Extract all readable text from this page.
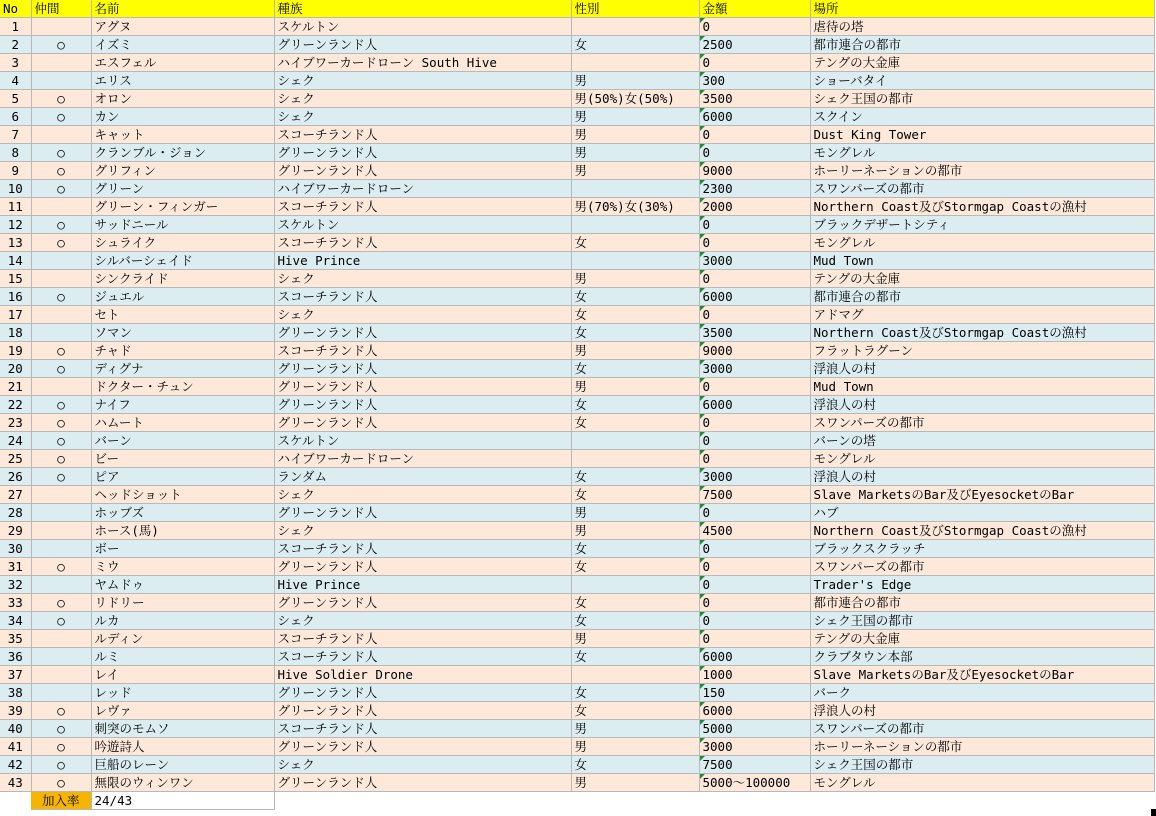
No	仲間	名前	種族	性別	金額	場所
1		アグヌ	スケルトン		0	虐待の塔
2	○	イズミ	グリーンランド人	女	2500	都市連合の都市
3		エスフェル	ハイブワーカードローン South Hive		0	テングの大金庫
4		エリス	シェク	男	300	ショーバタイ
5	○	オロン	シェク	男(50%)女(50%)	3500	シェク王国の都市
6	○	カン	シェク	男	6000	スクイン
7		キャット	スコーチランド人	男	0	Dust King Tower
8	○	クランブル・ジョン	グリーンランド人	男	0	モングレル
9	○	グリフィン	グリーンランド人	男	9000	ホーリーネーションの都市
10	○	グリーン	ハイブワーカードローン		2300	スワンパーズの都市
11		グリーン・フィンガー	スコーチランド人	男(70%)女(30%)	2000	Northern Coast及びStormgap Coastの漁村
12	○	サッドニール	スケルトン		0	ブラックデザートシティ
13	○	シュライク	スコーチランド人	女	0	モングレル
14		シルバーシェイド	Hive Prince		3000	Mud Town
15		シンクライド	シェク	男	0	テングの大金庫
16	○	ジュエル	スコーチランド人	女	6000	都市連合の都市
17		セト	シェク	女	0	アドマグ
18		ソマン	グリーンランド人	女	3500	Northern Coast及びStormgap Coastの漁村
19	○	チャド	スコーチランド人	男	9000	フラットラグーン
20	○	ディグナ	グリーンランド人	女	3000	浮浪人の村
21		ドクター・チュン	グリーンランド人	男	0	Mud Town
22	○	ナイフ	グリーンランド人	女	6000	浮浪人の村
23	○	ハムート	グリーンランド人	女	0	スワンパーズの都市
24	○	バーン	スケルトン		0	バーンの塔
25	○	ビー	ハイブワーカードローン		0	モングレル
26	○	ピア	ランダム	女	3000	浮浪人の村
27		ヘッドショット	シェク	女	7500	Slave MarketsのBar及びEyesocketのBar
28		ホッブズ	グリーンランド人	男	0	ハブ
29		ホース(馬)	シェク	男	4500	Northern Coast及びStormgap Coastの漁村
30		ボー	スコーチランド人	女	0	ブラックスクラッチ
31	○	ミウ	グリーンランド人	女	0	スワンパーズの都市
32		ヤムドゥ	Hive Prince		0	Trader's Edge
33	○	リドリー	グリーンランド人	女	0	都市連合の都市
34	○	ルカ	シェク	女	0	シェク王国の都市
35		ルディン	スコーチランド人	男	0	テングの大金庫
36		ルミ	スコーチランド人	女	6000	クラブタウン本部
37		レイ	Hive Soldier Drone		1000	Slave MarketsのBar及びEyesocketのBar
38		レッド	グリーンランド人	女	150	バーク
39	○	レヴァ	グリーンランド人	女	6000	浮浪人の村
40	○	刺突のモムソ	スコーチランド人	男	5000	スワンパーズの都市
41	○	吟遊詩人	グリーンランド人	男	3000	ホーリーネーションの都市
42	○	巨船のレーン	シェク	女	7500	シェク王国の都市
43	○	無限のウィンワン	グリーンランド人	男	5000～100000	モングレル
	加入率	24/43				
